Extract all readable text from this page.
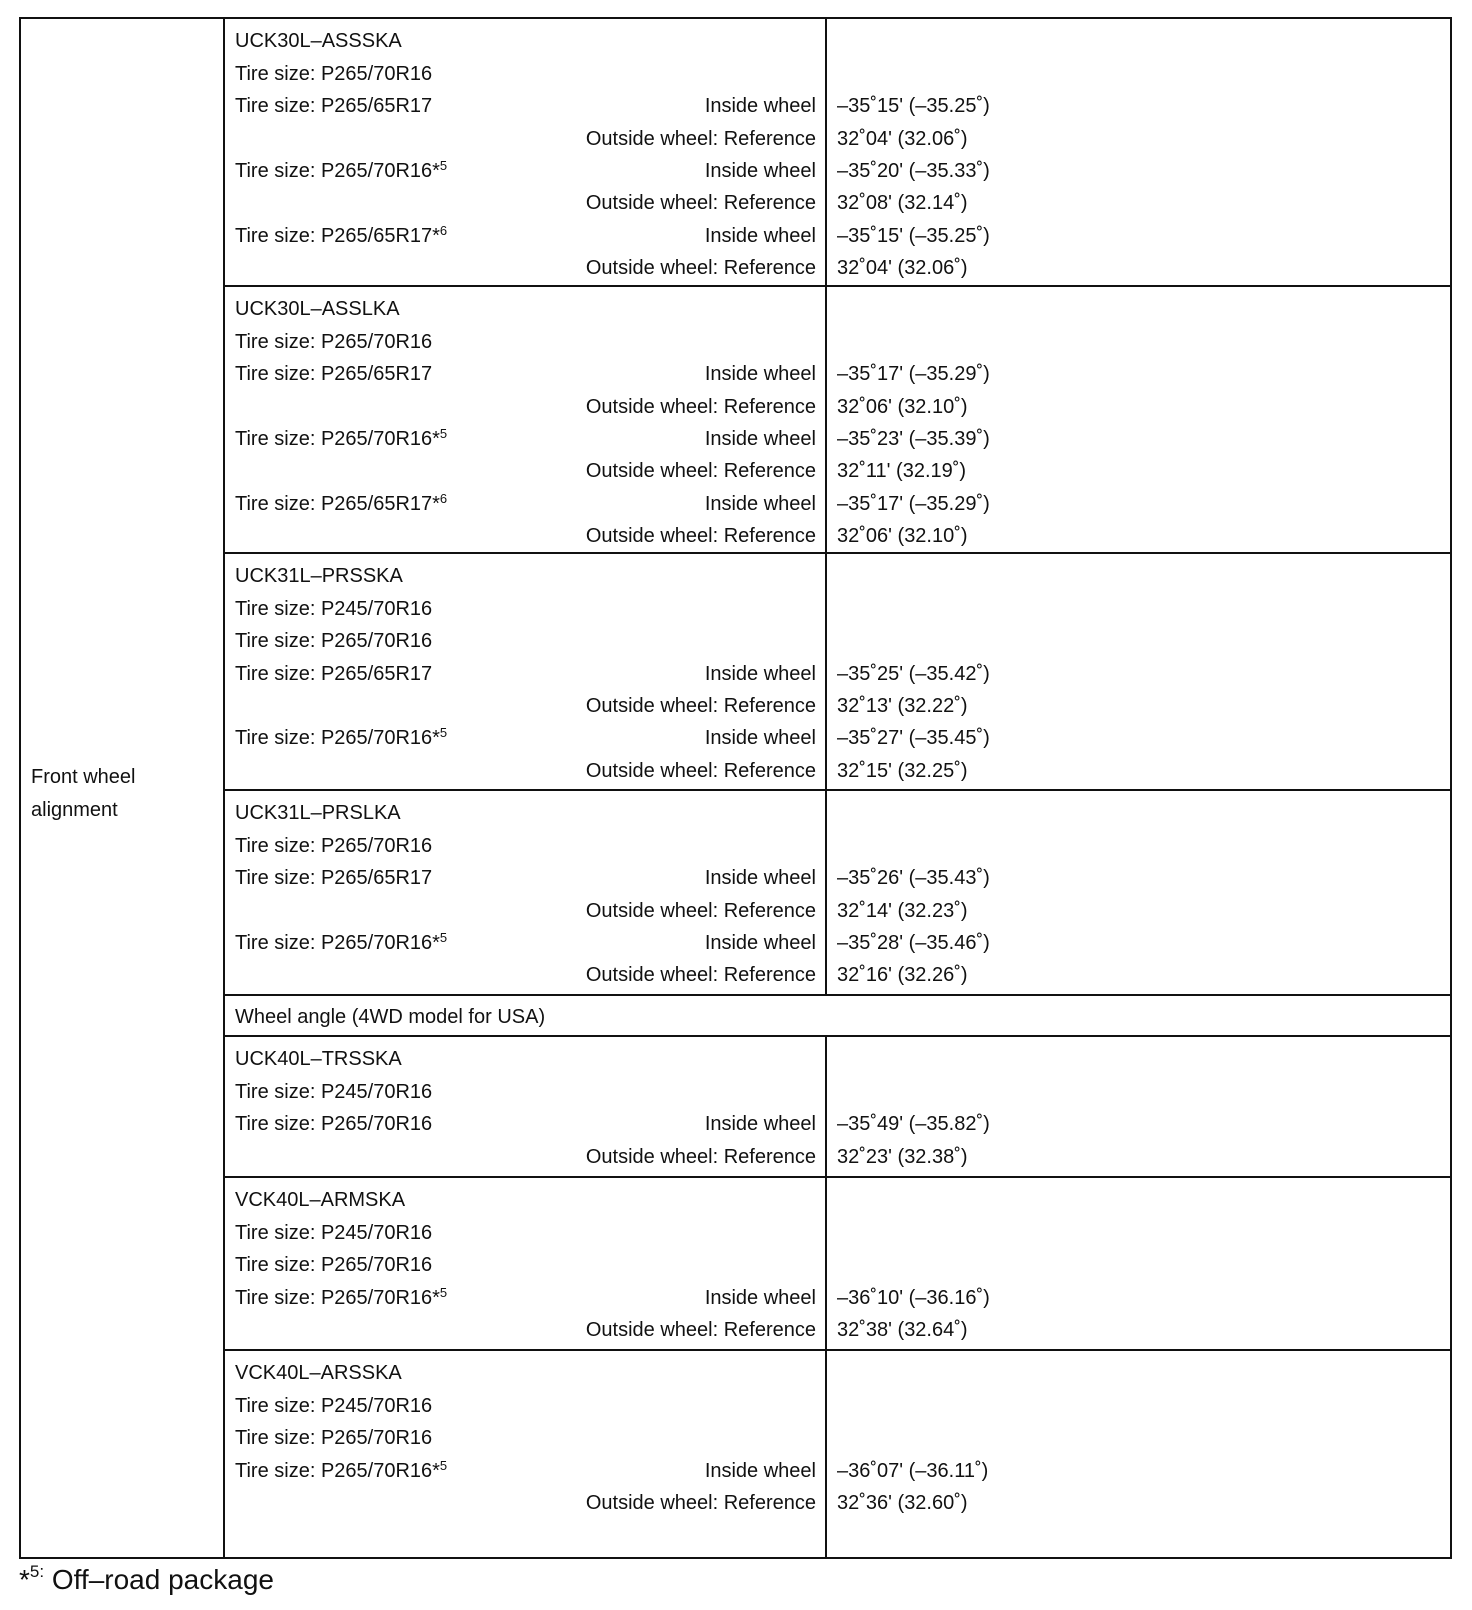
Front wheel
alignment
UCK30L–ASSSKA
Tire size: P265/70R16
Tire size: P265/65R17	Inside wheel –35˚15' (–35.25˚)
Outside wheel: Reference 32˚04' (32.06˚)
Tire size: P265/70R16*$^5$	Inside wheel –35˚20' (–35.33˚)
Outside wheel: Reference 32˚08' (32.14˚)
Tire size: P265/65R17*$^6$	Inside wheel –35˚15' (–35.25˚)
Outside wheel: Reference 32˚04' (32.06˚)
UCK30L–ASSLKA
Tire size: P265/70R16
Tire size: P265/65R17	Inside wheel –35˚17' (–35.29˚)
Outside wheel: Reference 32˚06' (32.10˚)
Tire size: P265/70R16*$^5$	Inside wheel –35˚23' (–35.39˚)
Outside wheel: Reference 32˚11' (32.19˚)
Tire size: P265/65R17*$^6$	Inside wheel –35˚17' (–35.29˚)
Outside wheel: Reference 32˚06' (32.10˚)
UCK31L–PRSSKA
Tire size: P245/70R16
Tire size: P265/70R16
Tire size: P265/65R17	Inside wheel –35˚25' (–35.42˚)
Outside wheel: Reference 32˚13' (32.22˚)
Tire size: P265/70R16*$^5$	Inside wheel –35˚27' (–35.45˚)
Outside wheel: Reference 32˚15' (32.25˚)
UCK31L–PRSLKA
Tire size: P265/70R16
Tire size: P265/65R17	Inside wheel –35˚26' (–35.43˚)
Outside wheel: Reference 32˚14' (32.23˚)
Tire size: P265/70R16*$^5$	Inside wheel –35˚28' (–35.46˚)
Outside wheel: Reference 32˚16' (32.26˚)
Wheel angle (4WD model for USA)
UCK40L–TRSSKA
Tire size: P245/70R16
Tire size: P265/70R16	Inside wheel –35˚49' (–35.82˚)
Outside wheel: Reference 32˚23' (32.38˚)
VCK40L–ARMSKA
Tire size: P245/70R16
Tire size: P265/70R16
Tire size: P265/70R16*$^5$	Inside wheel –36˚10' (–36.16˚)
Outside wheel: Reference 32˚38' (32.64˚)
VCK40L–ARSSKA
Tire size: P245/70R16
Tire size: P265/70R16
Tire size: P265/70R16*$^5$	Inside wheel –36˚07' (–36.11˚)
Outside wheel: Reference 32˚36' (32.60˚)
*$^{5:}$ Off–road package
